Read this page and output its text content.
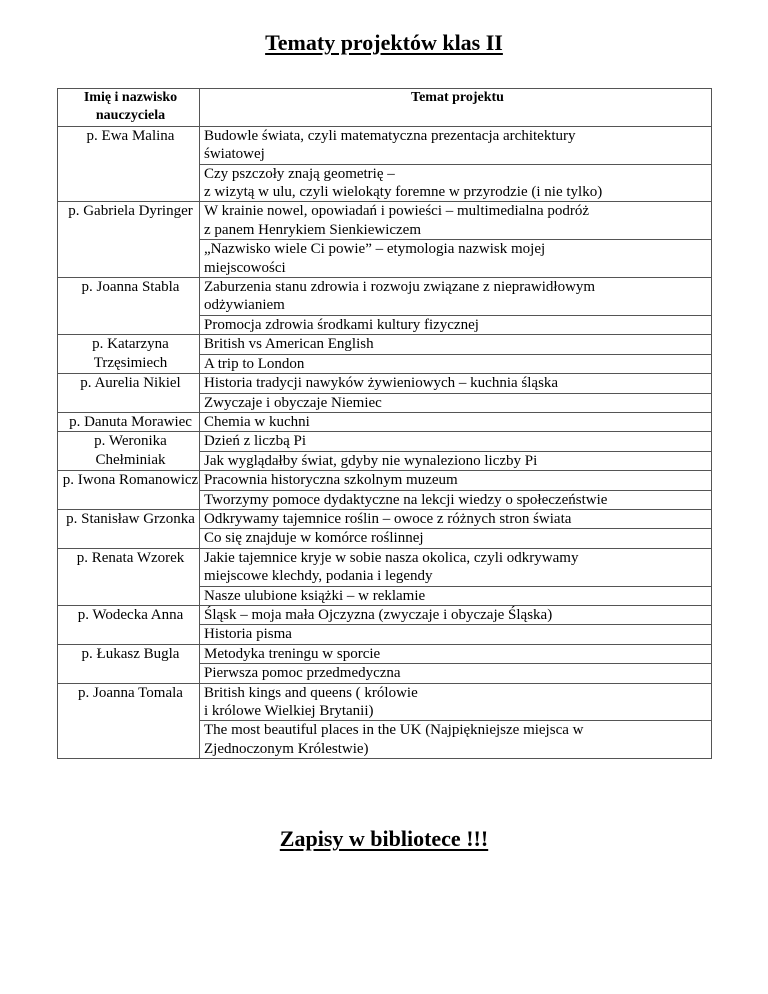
Tematy projektów klas II
Imię i nazwisko nauczyciela	Temat projektu
p. Ewa Malina	Budowle świata, czyli matematyczna prezentacja architektury
światowej
	Czy pszczoły znają geometrię –
z wizytą w ulu, czyli wielokąty foremne w przyrodzie (i nie tylko)
p. Gabriela Dyringer	W krainie nowel, opowiadań i powieści – multimedialna podróż
z panem Henrykiem Sienkiewiczem
	„Nazwisko wiele Ci powie” – etymologia nazwisk mojej
miejscowości
p. Joanna Stabla	Zaburzenia stanu zdrowia i rozwoju związane z nieprawidłowym
odżywianiem
	Promocja zdrowia środkami kultury fizycznej
p. Katarzyna Trzęsimiech	British vs American English
	A trip to London
p. Aurelia Nikiel	Historia tradycji nawyków żywieniowych – kuchnia śląska
	Zwyczaje i obyczaje Niemiec
p. Danuta Morawiec	Chemia w kuchni
p. Weronika Chełminiak	Dzień z liczbą Pi
	Jak wyglądałby świat, gdyby nie wynaleziono liczby Pi
p. Iwona Romanowicz	Pracownia historyczna szkolnym muzeum
	Tworzymy pomoce dydaktyczne na lekcji wiedzy o społeczeństwie
p. Stanisław Grzonka	Odkrywamy tajemnice roślin – owoce z różnych stron świata
	Co się znajduje w komórce roślinnej
p. Renata Wzorek	Jakie tajemnice kryje w sobie nasza okolica, czyli odkrywamy
miejscowe klechdy, podania i legendy
	Nasze ulubione książki – w reklamie
p. Wodecka Anna	Śląsk – moja mała Ojczyzna (zwyczaje i obyczaje Śląska)
	Historia pisma
p. Łukasz Bugla	Metodyka treningu w sporcie
	Pierwsza pomoc przedmedyczna
p. Joanna Tomala	British kings and queens ( królowie
i królowe Wielkiej Brytanii)
	The most beautiful places in the UK (Najpiękniejsze miejsca w
Zjednoczonym Królestwie)
Zapisy w bibliotece !!!
